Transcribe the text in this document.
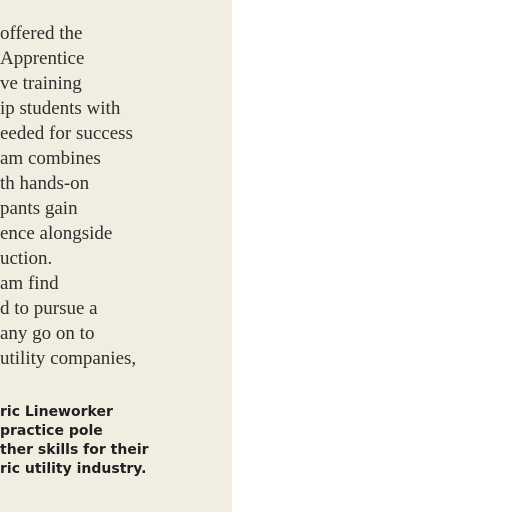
offered the
Apprentice
ve training
ip students with
eeded for success
am combines
th hands-on
pants gain
ence alongside
uction.
am find
d to pursue a
any go on to
utility companies,
ric Lineworker
practice pole
ther skills for their
ric utility industry.
